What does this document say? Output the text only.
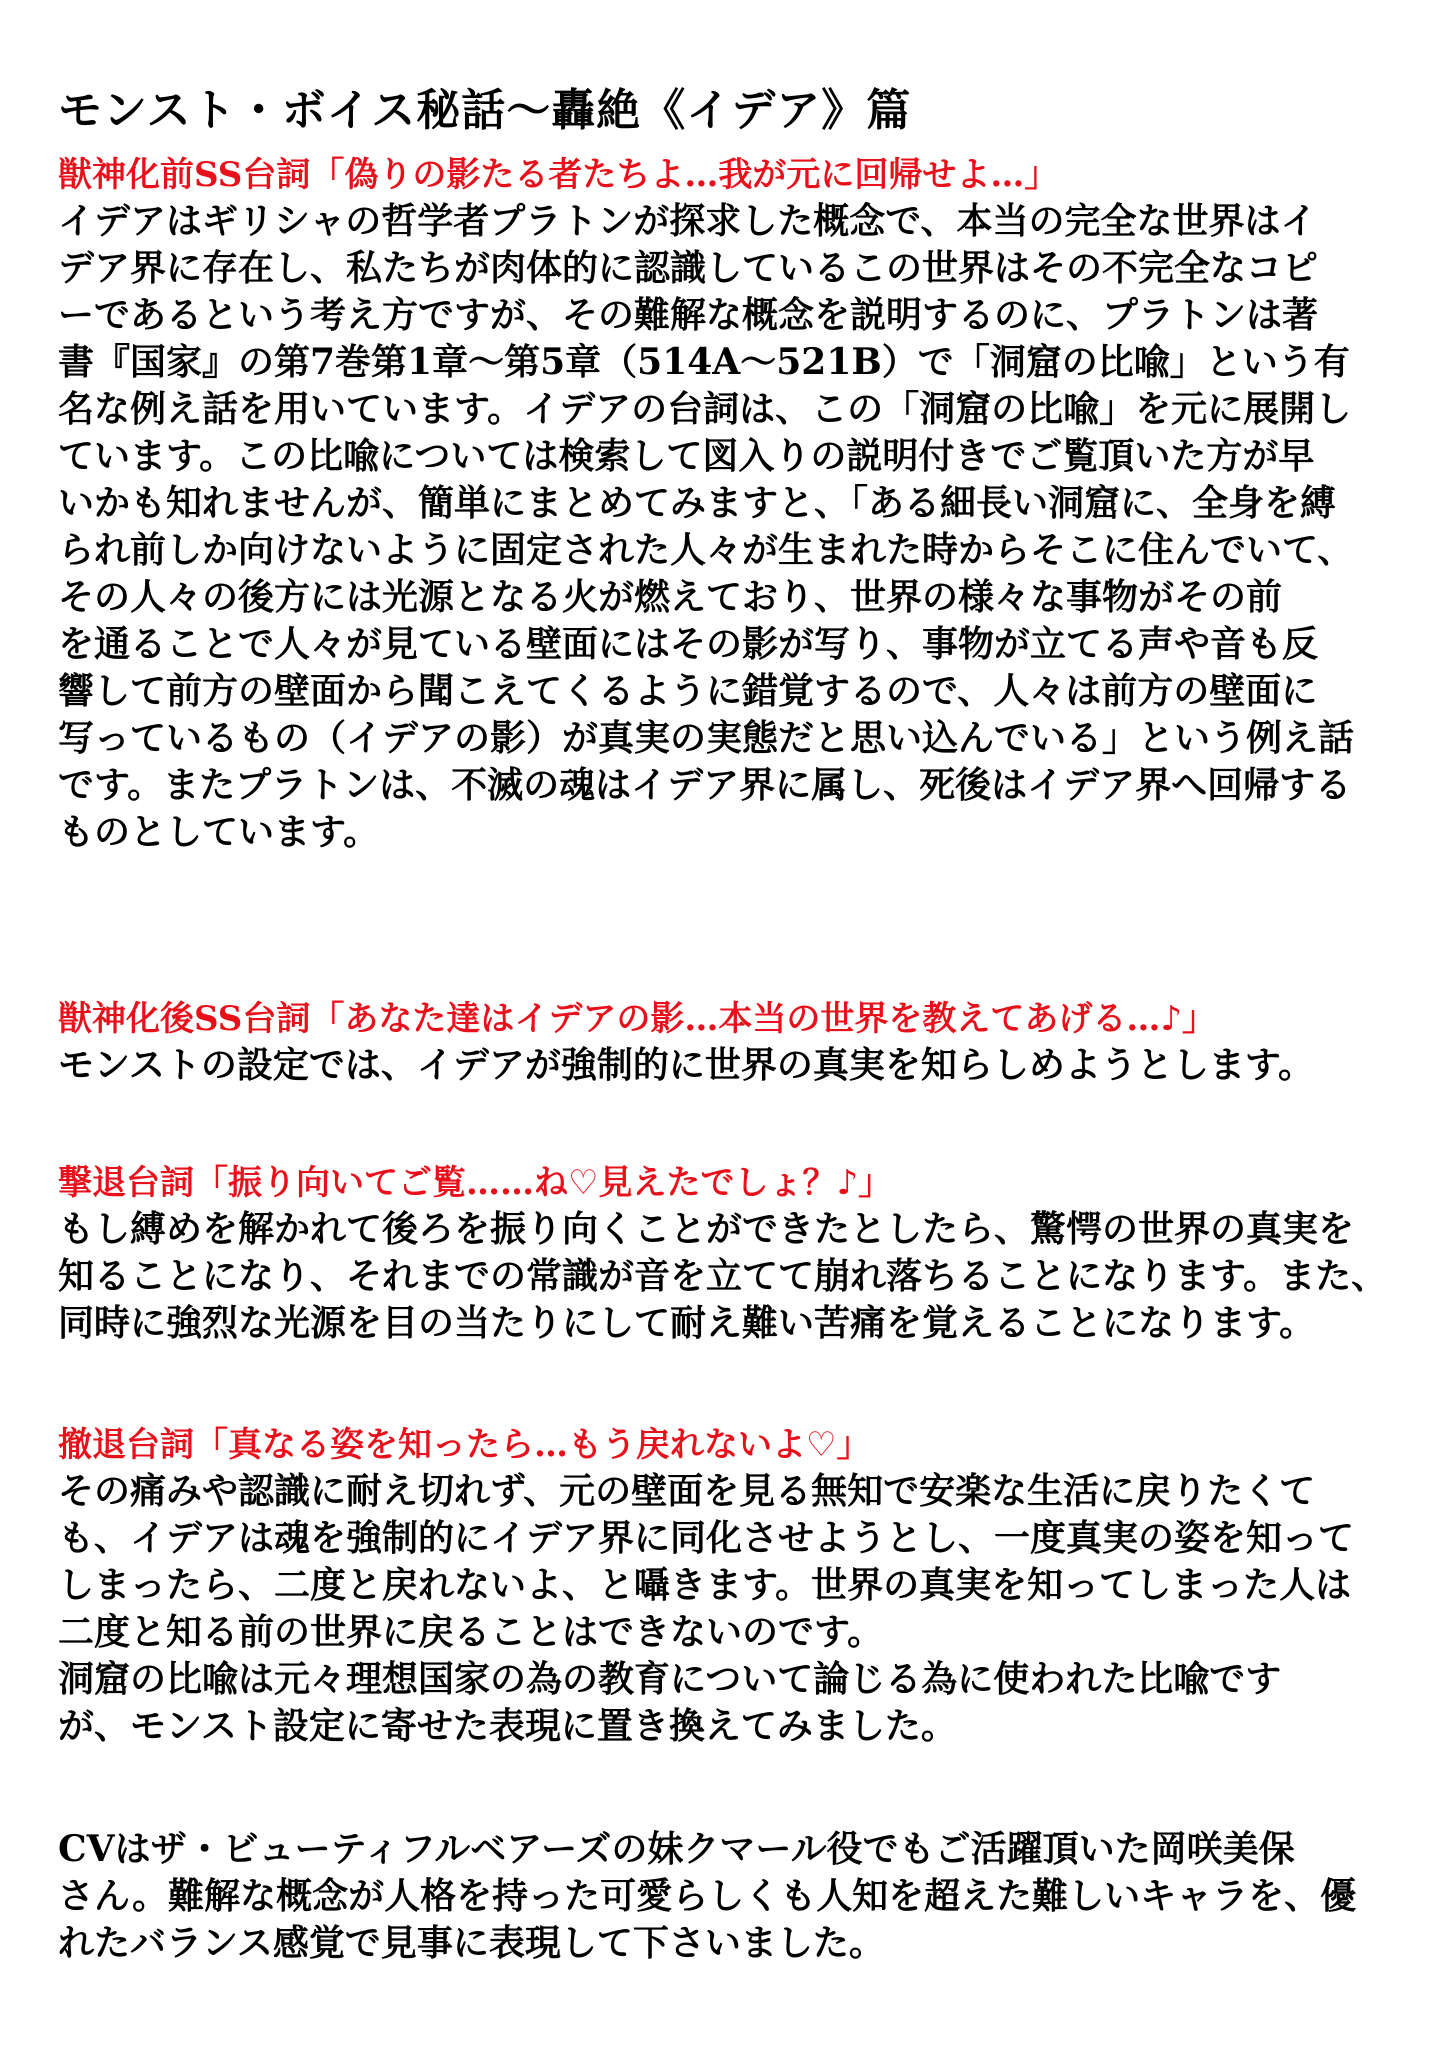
モンスト・ボイス秘話〜轟絶《イデア》篇

獣神化前SS台詞「偽りの影たる者たちよ…我が元に回帰せよ…」

イデアはギリシャの哲学者プラトンが探求した概念で、本当の完全な世界はイ

デア界に存在し、私たちが肉体的に認識しているこの世界はその不完全なコピ

ーであるという考え方ですが、その難解な概念を説明するのに、プラトンは著

書『国家』の第7巻第1章〜第5章（514A〜521B）で「洞窟の比喩」という有

名な例え話を用いています。イデアの台詞は、この「洞窟の比喩」を元に展開し

ています。この比喩については検索して図入りの説明付きでご覧頂いた方が早

いかも知れませんが、簡単にまとめてみますと、「ある細長い洞窟に、全身を縛

られ前しか向けないように固定された人々が生まれた時からそこに住んでいて、

その人々の後方には光源となる火が燃えており、世界の様々な事物がその前

を通ることで人々が見ている壁面にはその影が写り、事物が立てる声や音も反

響して前方の壁面から聞こえてくるように錯覚するので、人々は前方の壁面に

写っているもの（イデアの影）が真実の実態だと思い込んでいる」という例え話

です。またプラトンは、不滅の魂はイデア界に属し、死後はイデア界へ回帰する

ものとしています。

獣神化後SS台詞「あなた達はイデアの影…本当の世界を教えてあげる…♪」

モンストの設定では、イデアが強制的に世界の真実を知らしめようとします。

撃退台詞「振り向いてご覧……ね♡見えたでしょ？♪」

もし縛めを解かれて後ろを振り向くことができたとしたら、驚愕の世界の真実を

知ることになり、それまでの常識が音を立てて崩れ落ちることになります。また、

同時に強烈な光源を目の当たりにして耐え難い苦痛を覚えることになります。

撤退台詞「真なる姿を知ったら…もう戻れないよ♡」

その痛みや認識に耐え切れず、元の壁面を見る無知で安楽な生活に戻りたくて

も、イデアは魂を強制的にイデア界に同化させようとし、一度真実の姿を知って

しまったら、二度と戻れないよ、と囁きます。世界の真実を知ってしまった人は

二度と知る前の世界に戻ることはできないのです。

洞窟の比喩は元々理想国家の為の教育について論じる為に使われた比喩です

が、モンスト設定に寄せた表現に置き換えてみました。

CVはザ・ビューティフルベアーズの妹クマール役でもご活躍頂いた岡咲美保

さん。難解な概念が人格を持った可愛らしくも人知を超えた難しいキャラを、優

れたバランス感覚で見事に表現して下さいました。
